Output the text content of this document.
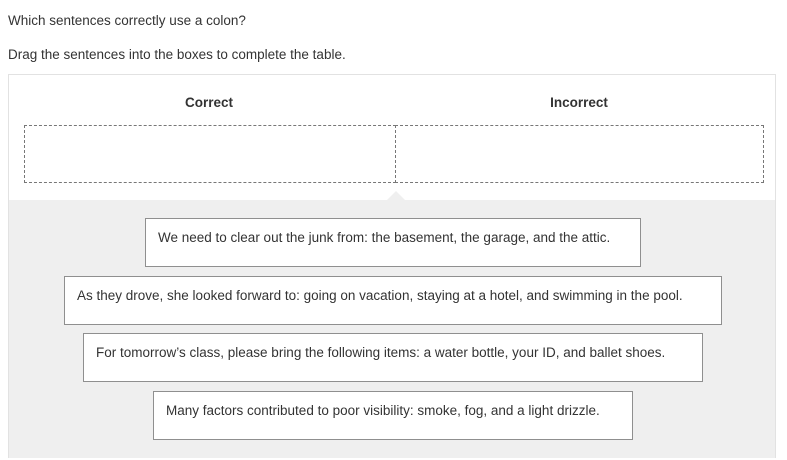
Which sentences correctly use a colon?
Drag the sentences into the boxes to complete the table.
Correct	Incorrect
We need to clear out the junk from: the basement, the garage, and the attic.
As they drove, she looked forward to: going on vacation, staying at a hotel, and swimming in the pool.
For tomorrow’s class, please bring the following items: a water bottle, your ID, and ballet shoes.
Many factors contributed to poor visibility: smoke, fog, and a light drizzle.
